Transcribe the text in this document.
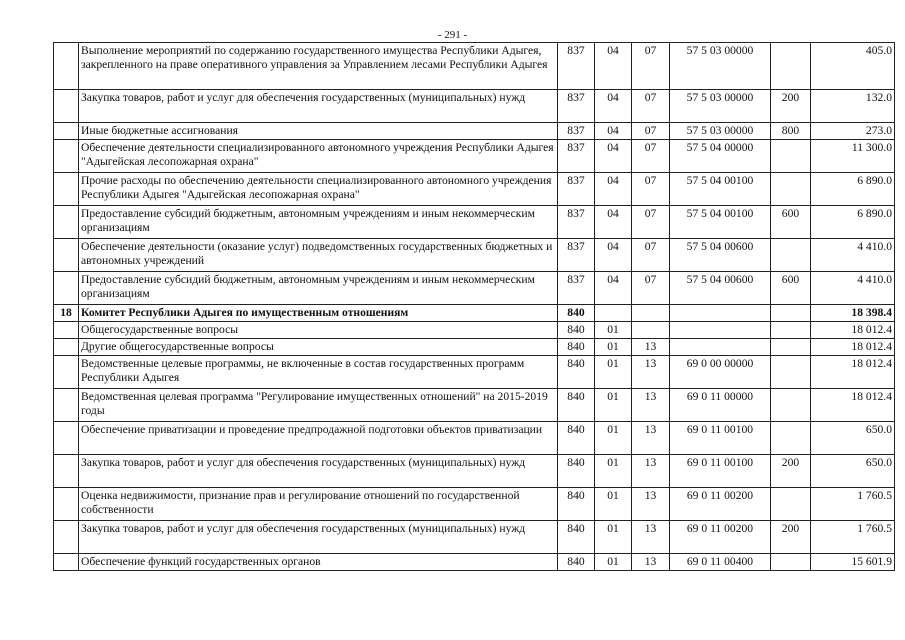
- 291 -
	Выполнение мероприятий по содержанию государственного имущества Республики Адыгея, закрепленного на праве оперативного управления за Управлением лесами Республики Адыгея	837	04	07	57 5 03 00000		405.0
	Закупка товаров, работ и услуг для обеспечения государственных (муниципальных) нужд	837	04	07	57 5 03 00000	200	132.0
	Иные бюджетные ассигнования	837	04	07	57 5 03 00000	800	273.0
	Обеспечение деятельности специализированного автономного учреждения Республики Адыгея "Адыгейская лесопожарная охрана"	837	04	07	57 5 04 00000		11 300.0
	Прочие расходы по обеспечению деятельности специализированного автономного учреждения Республики Адыгея "Адыгейская лесопожарная охрана"	837	04	07	57 5 04 00100		6 890.0
	Предоставление субсидий бюджетным, автономным учреждениям и иным некоммерческим организациям	837	04	07	57 5 04 00100	600	6 890.0
	Обеспечение деятельности (оказание услуг) подведомственных государственных бюджетных и автономных учреждений	837	04	07	57 5 04 00600		4 410.0
	Предоставление субсидий бюджетным, автономным учреждениям и иным некоммерческим организациям	837	04	07	57 5 04 00600	600	4 410.0
18	Комитет Республики Адыгея по имущественным отношениям	840					18 398.4
	Общегосударственные вопросы	840	01				18 012.4
	Другие общегосударственные вопросы	840	01	13			18 012.4
	Ведомственные целевые программы, не включенные в состав государственных программ Республики Адыгея	840	01	13	69 0 00 00000		18 012.4
	Ведомственная целевая программа "Регулирование имущественных отношений" на 2015-2019 годы	840	01	13	69 0 11 00000		18 012.4
	Обеспечение приватизации и проведение предпродажной подготовки объектов приватизации	840	01	13	69 0 11 00100		650.0
	Закупка товаров, работ и услуг для обеспечения государственных (муниципальных) нужд	840	01	13	69 0 11 00100	200	650.0
	Оценка недвижимости, признание прав и регулирование отношений по государственной собственности	840	01	13	69 0 11 00200		1 760.5
	Закупка товаров, работ и услуг для обеспечения государственных (муниципальных) нужд	840	01	13	69 0 11 00200	200	1 760.5
	Обеспечение функций государственных органов	840	01	13	69 0 11 00400		15 601.9
